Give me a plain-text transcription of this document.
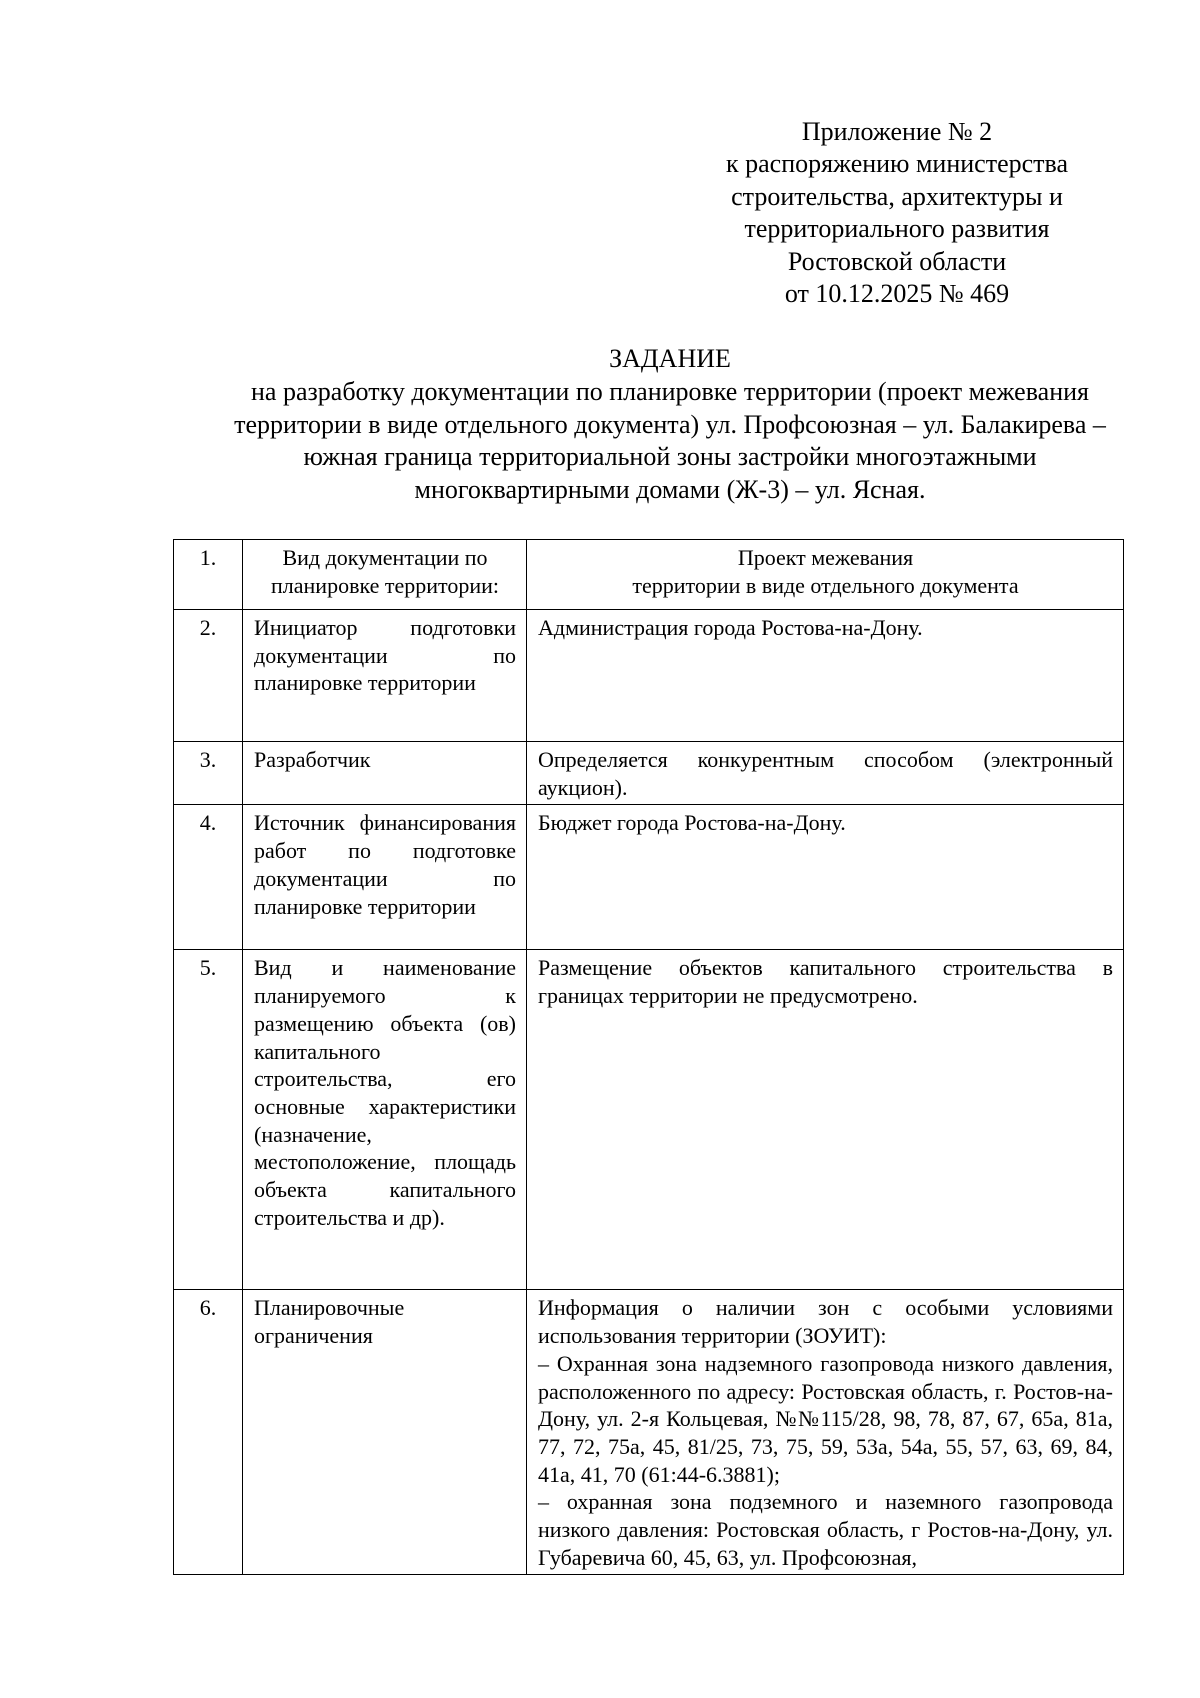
Приложение № 2
к распоряжению министерства
строительства, архитектуры и
территориального развития
Ростовской области
от 10.12.2025 № 469
ЗАДАНИЕ
на разработку документации по планировке территории (проект межевания
территории в виде отдельного документа) ул. Профсоюзная – ул. Балакирева –
южная граница территориальной зоны застройки многоэтажными
многоквартирными домами (Ж-3) – ул. Ясная.
1.	Вид документации по планировке территории:	Проект межевания
территории в виде отдельного документа

2.	Инициатор подготовки документации по планировке территории	Администрация города Ростова-на-Дону.

3.	Разработчик	Определяется конкурентным способом (электронный аукцион).

4.	Источник финансирования работ по подготовке документации по планировке территории	Бюджет города Ростова-на-Дону.

5.	Вид и наименование планируемого к размещению объекта (ов) капитального строительства, его основные характеристики (назначение, местоположение, площадь объекта капитального строительства и др).	Размещение объектов капитального строительства в границах территории не предусмотрено.

6.	Планировочные ограничения	Информация о наличии зон с особыми условиями использования территории (ЗОУИТ):
– Охранная зона надземного газопровода низкого давления, расположенного по адресу: Ростовская область, г. Ростов-на-Дону, ул. 2-я Кольцевая, №№115/28, 98, 78, 87, 67, 65а, 81а, 77, 72, 75а, 45, 81/25, 73, 75, 59, 53а, 54а, 55, 57, 63, 69, 84, 41а, 41, 70 (61:44-6.3881);
– охранная зона подземного и наземного газопровода низкого давления: Ростовская область, г Ростов-на-Дону, ул. Губаревича 60, 45, 63, ул. Профсоюзная,
